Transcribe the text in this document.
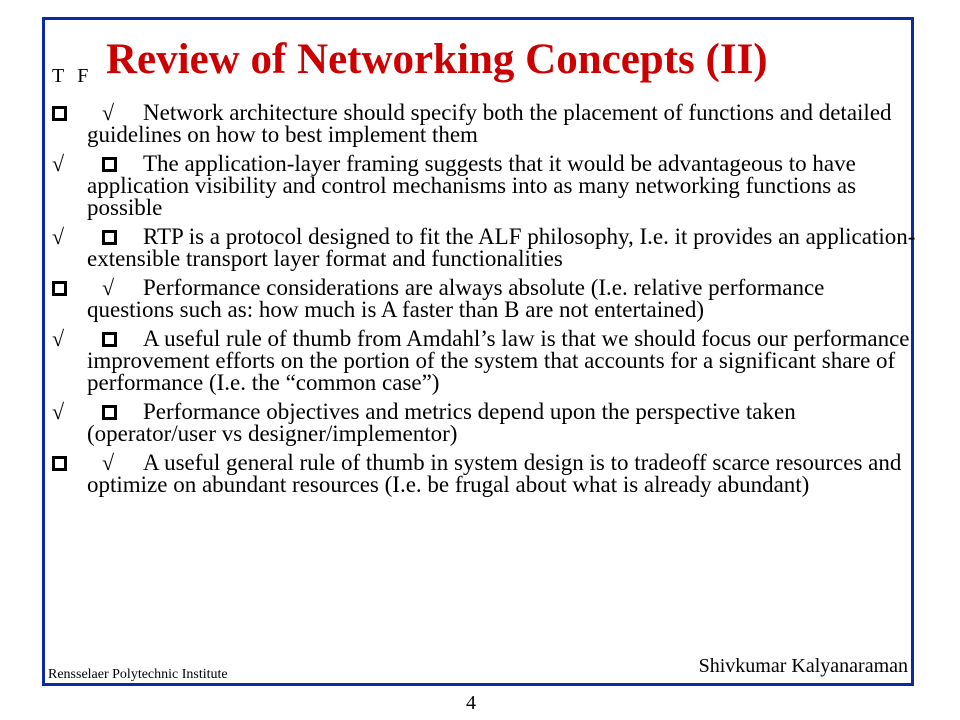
T F Review of Networking Concepts (II)
√	Network architecture should specify both the placement of functions and detailed guidelines on how to best implement them
√	The application-layer framing suggests that it would be advantageous to have application visibility and control mechanisms into as many networking functions as possible
√	RTP is a protocol designed to fit the ALF philosophy, I.e. it provides an application-extensible transport layer format and functionalities
√	Performance considerations are always absolute (I.e. relative performance questions such as: how much is A faster than B are not entertained)
√	A useful rule of thumb from Amdahl’s law is that we should focus our performance improvement efforts on the portion of the system that accounts for a significant share of performance (I.e. the “common case”)
√	Performance objectives and metrics depend upon the perspective taken (operator/user vs designer/implementor)
√	A useful general rule of thumb in system design is to tradeoff scarce resources and optimize on abundant resources (I.e. be frugal about what is already abundant)
Rensselaer Polytechnic Institute	Shivkumar Kalyanaraman
4
